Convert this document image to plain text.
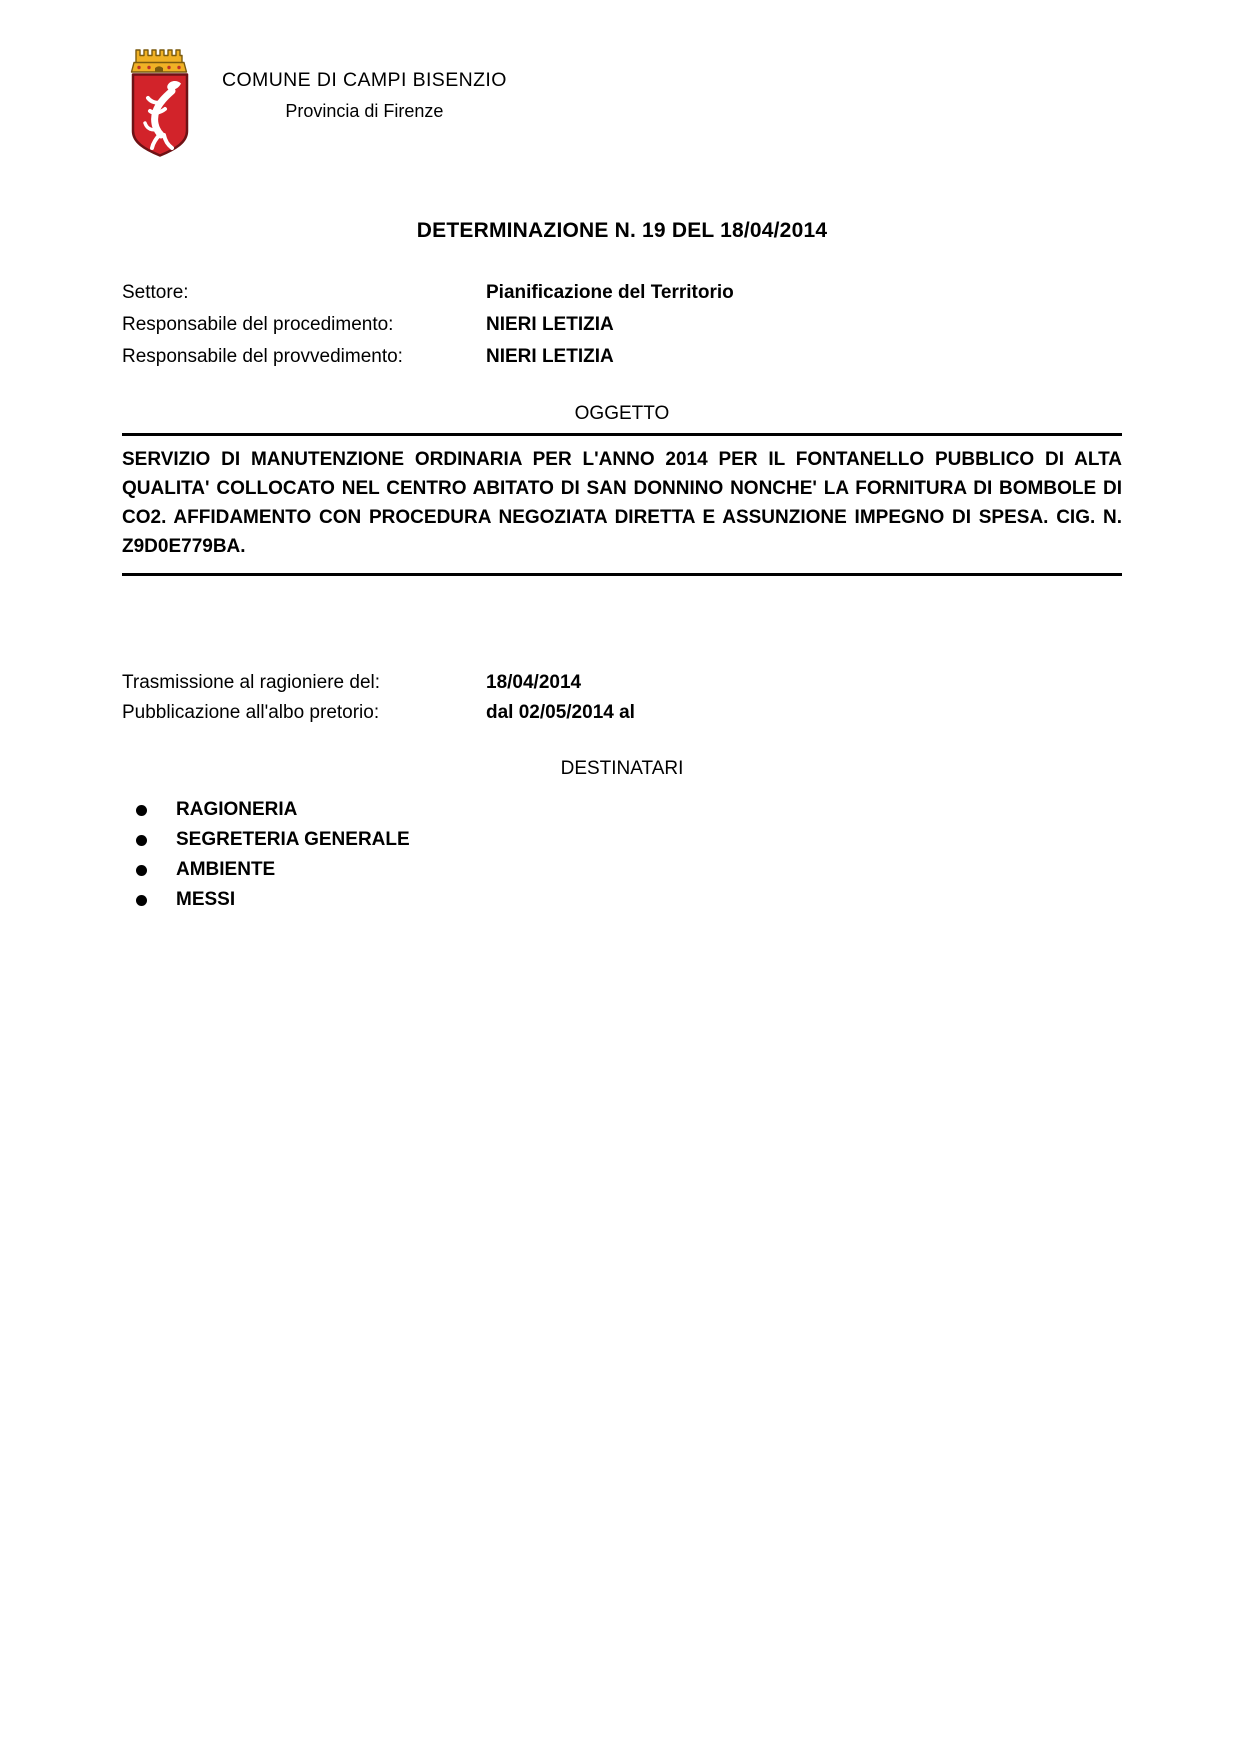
COMUNE DI CAMPI BISENZIO
Provincia di Firenze
DETERMINAZIONE N. 19 DEL 18/04/2014
Settore:	Pianificazione del Territorio
Responsabile del procedimento:	NIERI LETIZIA
Responsabile del provvedimento:	NIERI LETIZIA
OGGETTO

SERVIZIO DI MANUTENZIONE ORDINARIA PER L'ANNO 2014 PER IL FONTANELLO PUBBLICO DI ALTA QUALITA' COLLOCATO NEL CENTRO ABITATO DI SAN DONNINO NONCHE' LA FORNITURA DI BOMBOLE DI CO2. AFFIDAMENTO CON PROCEDURA NEGOZIATA DIRETTA E ASSUNZIONE IMPEGNO DI SPESA. CIG. N. Z9D0E779BA.

Trasmissione al ragioniere del:	18/04/2014
Pubblicazione all'albo pretorio:	dal 02/05/2014 al
DESTINATARI
RAGIONERIA
SEGRETERIA GENERALE
AMBIENTE
MESSI
